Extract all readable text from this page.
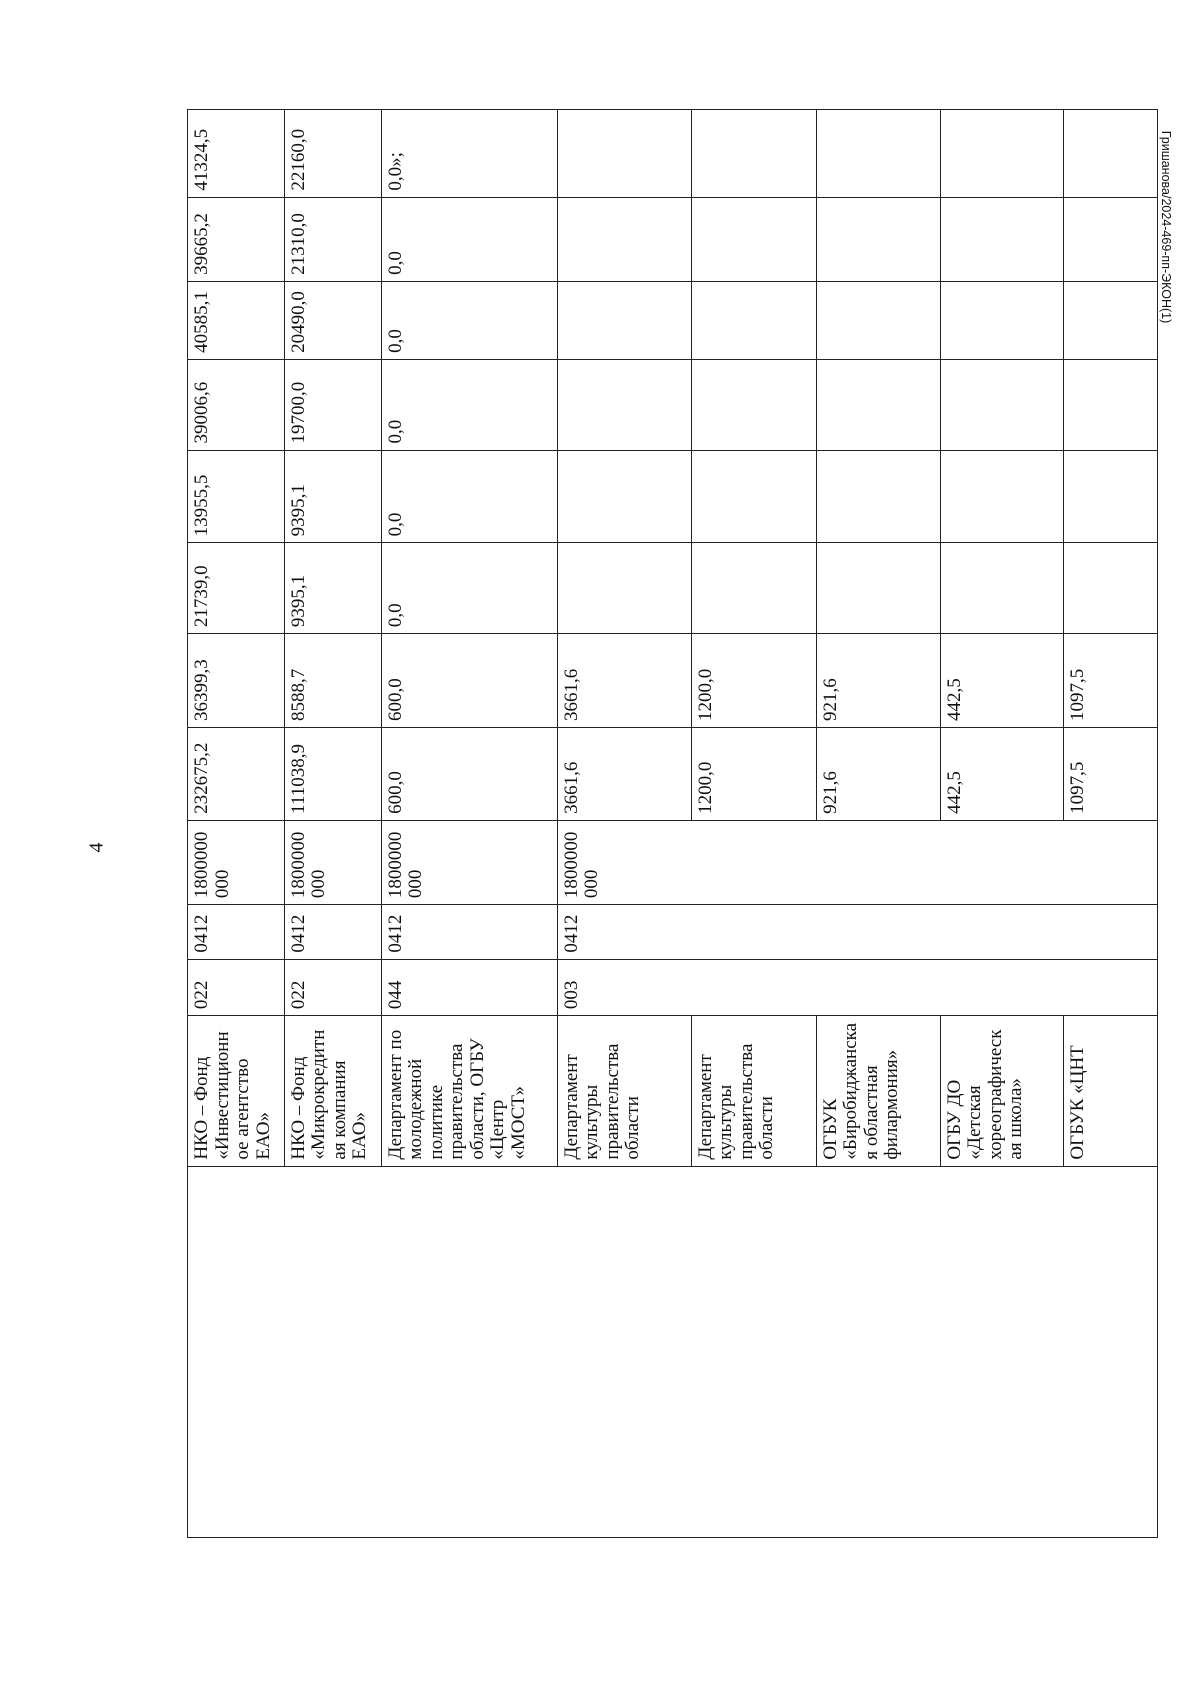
4
Гришанова/2024-469-пп-ЭКОН(1)
	НКО – Фонд «Инвестиционное агентство ЕАО»	022	0412	1800000000	232675,2	36399,3	21739,0	13955,5	39006,6	40585,1	39665,2	41324,5
	НКО – Фонд «Микрокредитная компания ЕАО»	022	0412	1800000000	111038,9	8588,7	9395,1	9395,1	19700,0	20490,0	21310,0	22160,0
	Департамент по молодежной политике правительства области, ОГБУ «Центр «МОСТ»	044	0412	1800000000	600,0	600,0	0,0	0,0	0,0	0,0	0,0	0,0»;
	Департамент культуры правительства области	003	0412	1800000000	3661,6	3661,6						
	Департамент культуры правительства области				1200,0	1200,0						
	ОГБУК «Биробиджанская областная филармония»				921,6	921,6						
	ОГБУ ДО «Детская хореографическая школа»				442,5	442,5						
	ОГБУК «ЦНТ				1097,5	1097,5						
